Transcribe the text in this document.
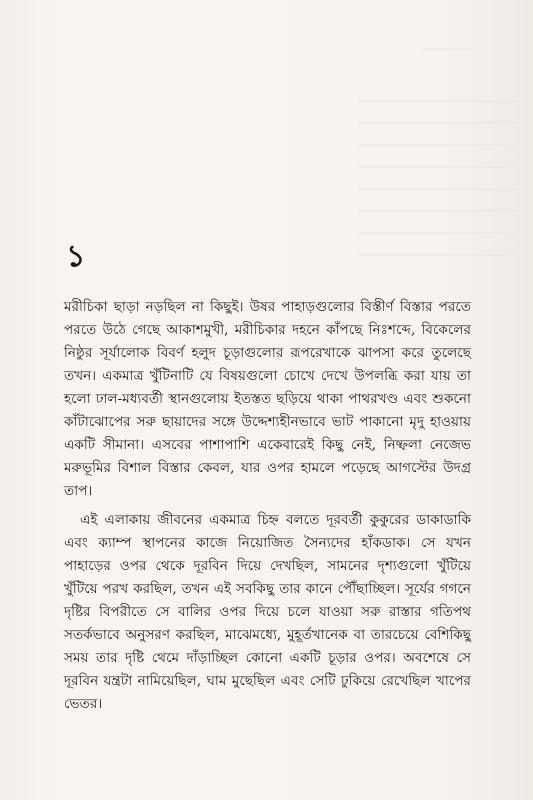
১

মরীচিকা ছাড়া নড়ছিল না কিছুই। উষর পাহাড়গুলোর বিস্তীর্ণ বিস্তার পরতে পরতে উঠে গেছে আকাশমুখী, মরীচিকার দহনে কাঁপছে নিঃশব্দে, বিকেলের নিষ্ঠুর সূর্যালোক বিবর্ণ হলুদ চূড়াগুলোর রূপরেখাকে ঝাপসা করে তুলেছে তখন। একমাত্র খুঁটিনাটি যে বিষয়গুলো চোখে দেখে উপলব্ধি করা যায় তা হলো ঢাল-মধ্যবর্তী স্থানগুলোয় ইতস্তত ছড়িয়ে থাকা পাথরখণ্ড এবং শুকনো কাঁটাঝোপের সরু ছায়াদের সঙ্গে উদ্দেশ্যহীনভাবে ভাট পাকানো মৃদু হাওয়ায় একটি সীমানা। এসবের পাশাপাশি একেবারেই কিছু নেই, নিষ্ফলা নেজেভ মরুভূমির বিশাল বিস্তার কেবল, যার ওপর হামলে পড়েছে আগস্টের উদগ্র তাপ।

এই এলাকায় জীবনের একমাত্র চিহ্ন বলতে দূরবর্তী কুকুরের ডাকাডাকি এবং ক্যাম্প স্থাপনের কাজে নিয়োজিত সৈন্যদের হাঁকডাক। সে যখন পাহাড়ের ওপর থেকে দূরবিন দিয়ে দেখছিল, সামনের দৃশ্যগুলো খুঁটিয়ে খুঁটিয়ে পরখ করছিল, তখন এই সবকিছু তার কানে পৌঁছাচ্ছিল। সূর্যের গগনে দৃষ্টির বিপরীতে সে বালির ওপর দিয়ে চলে যাওয়া সরু রাস্তার গতিপথ সতর্কভাবে অনুসরণ করছিল, মাঝেমধ্যে, মুহূর্তখানেক বা তারচেয়ে বেশিকিছু সময় তার দৃষ্টি থেমে দাঁড়াচ্ছিল কোনো একটি চূড়ার ওপর। অবশেষে সে দূরবিন যন্ত্রটা নামিয়েছিল, ঘাম মুছেছিল এবং সেটি ঢুকিয়ে রেখেছিল খাপের ভেতর।
